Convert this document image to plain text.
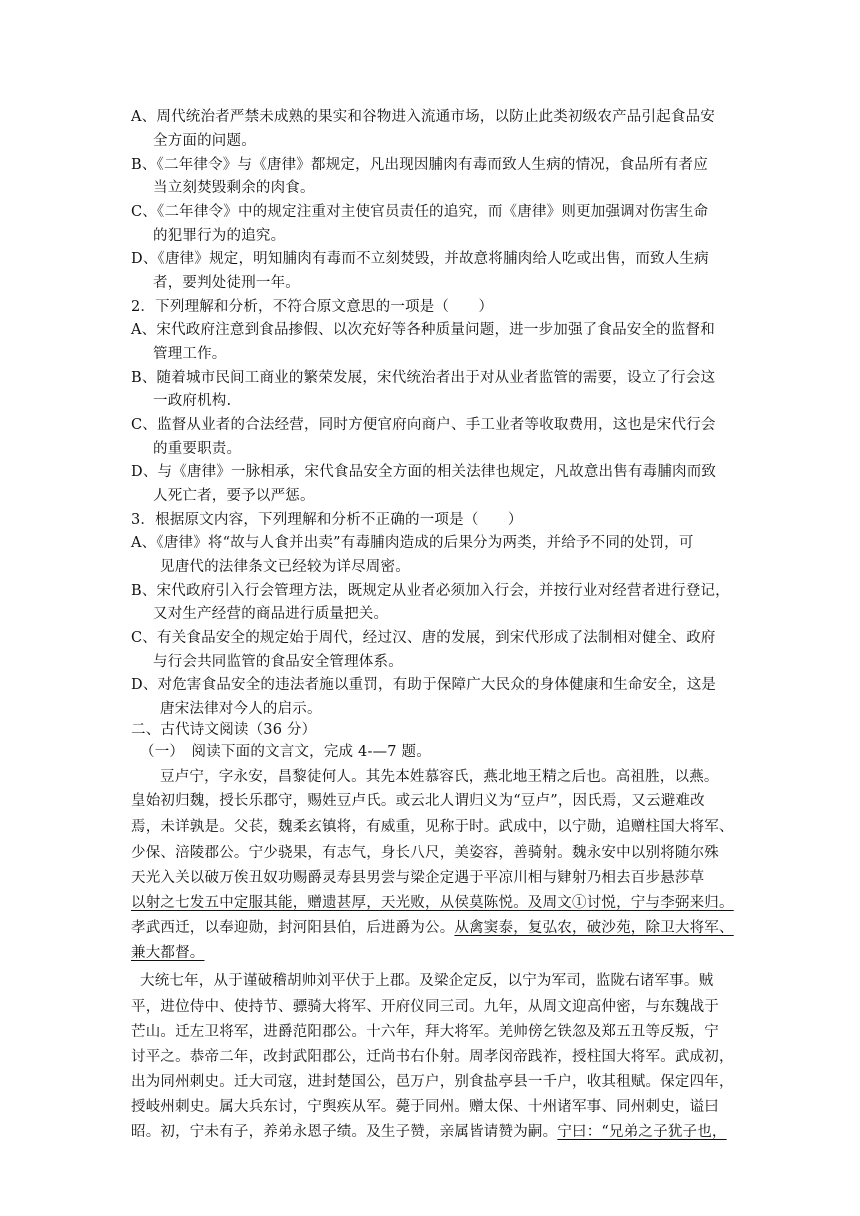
A、周代统治者严禁未成熟的果实和谷物进入流通市场，以防止此类初级农产品引起食品安
全方面的问题。
B、《二年律令》与《唐律》都规定，凡出现因脯肉有毒而致人生病的情况，食品所有者应
当立刻焚毁剩余的肉食。
C、《二年律令》中的规定注重对主使官员责任的追究，而《唐律》则更加强调对伤害生命
的犯罪行为的追究。
D、《唐律》规定，明知脯肉有毒而不立刻焚毁，并故意将脯肉给人吃或出售，而致人生病
者，要判处徒刑一年。
2．下列理解和分析，不符合原文意思的一项是（　　）
A、宋代政府注意到食品掺假、以次充好等各种质量问题，进一步加强了食品安全的监督和
管理工作。
B、随着城市民间工商业的繁荣发展，宋代统治者出于对从业者监管的需要，设立了行会这
一政府机构.
C、监督从业者的合法经营，同时方便官府向商户、手工业者等收取费用，这也是宋代行会
的重要职责。
D、与《唐律》一脉相承，宋代食品安全方面的相关法律也规定，凡故意出售有毒脯肉而致
人死亡者，要予以严惩。
3．根据原文内容，下列理解和分析不正确的一项是（　　）
A、《唐律》将“故与人食并出卖”有毒脯肉造成的后果分为两类，并给予不同的处罚，可
见唐代的法律条文已经较为详尽周密。
B、宋代政府引入行会管理方法，既规定从业者必须加入行会，并按行业对经营者进行登记，
又对生产经营的商品进行质量把关。
C、有关食品安全的规定始于周代，经过汉、唐的发展，到宋代形成了法制相对健全、政府
与行会共同监管的食品安全管理体系。
D、对危害食品安全的违法者施以重罚，有助于保障广大民众的身体健康和生命安全，这是
唐宋法律对今人的启示。
二、古代诗文阅读（36 分）
（一）　阅读下面的文言文，完成 4-—7 题。
豆卢宁，字永安，昌黎徒何人。其先本姓慕容氏，燕北地王精之后也。高祖胜，以燕。
皇始初归魏，授长乐郡守，赐姓豆卢氏。或云北人谓归义为“豆卢”，因氏焉，又云避难改
焉，未详孰是。父苌，魏柔玄镇将，有威重，见称于时。武成中，以宁勋，追赠柱国大将军、
少保、涪陵郡公。宁少骁果，有志气，身长八尺，美姿容，善骑射。魏永安中以别将随尔殊
天光入关以破万俟丑奴功赐爵灵寿县男尝与梁企定遇于平凉川相与肄射乃相去百步悬莎草
以射之七发五中定服其能，赠遗甚厚，天光败，从侯莫陈悦。及周文①讨悦，宁与李弼来归。
孝武西迁，以奉迎勋，封河阳县伯，后进爵为公。从禽窦泰，复弘农，破沙苑，除卫大将军、
兼大都督。
大统七年，从于谨破稽胡帅刘平伏于上郡。及梁企定反，以宁为军司，监陇右诸军事。贼
平，进位侍中、使持节、骠骑大将军、开府仪同三司。九年，从周文迎高仲密，与东魏战于
芒山。迁左卫将军，进爵范阳郡公。十六年，拜大将军。羌帅傍乞铁忽及郑五丑等反叛，宁
讨平之。恭帝二年，改封武阳郡公，迁尚书右仆射。周孝闵帝践祚，授柱国大将军。武成初，
出为同州刺史。迁大司寇，进封楚国公，邑万户，别食盐亭县一千户，收其租赋。保定四年，
授岐州刺史。属大兵东讨，宁舆疾从军。薨于同州。赠太保、十州诸军事、同州刺史，谥曰
昭。初，宁未有子，养弟永恩子绩。及生子赞，亲属皆请赞为嗣。宁曰：“兄弟之子犹子也，
